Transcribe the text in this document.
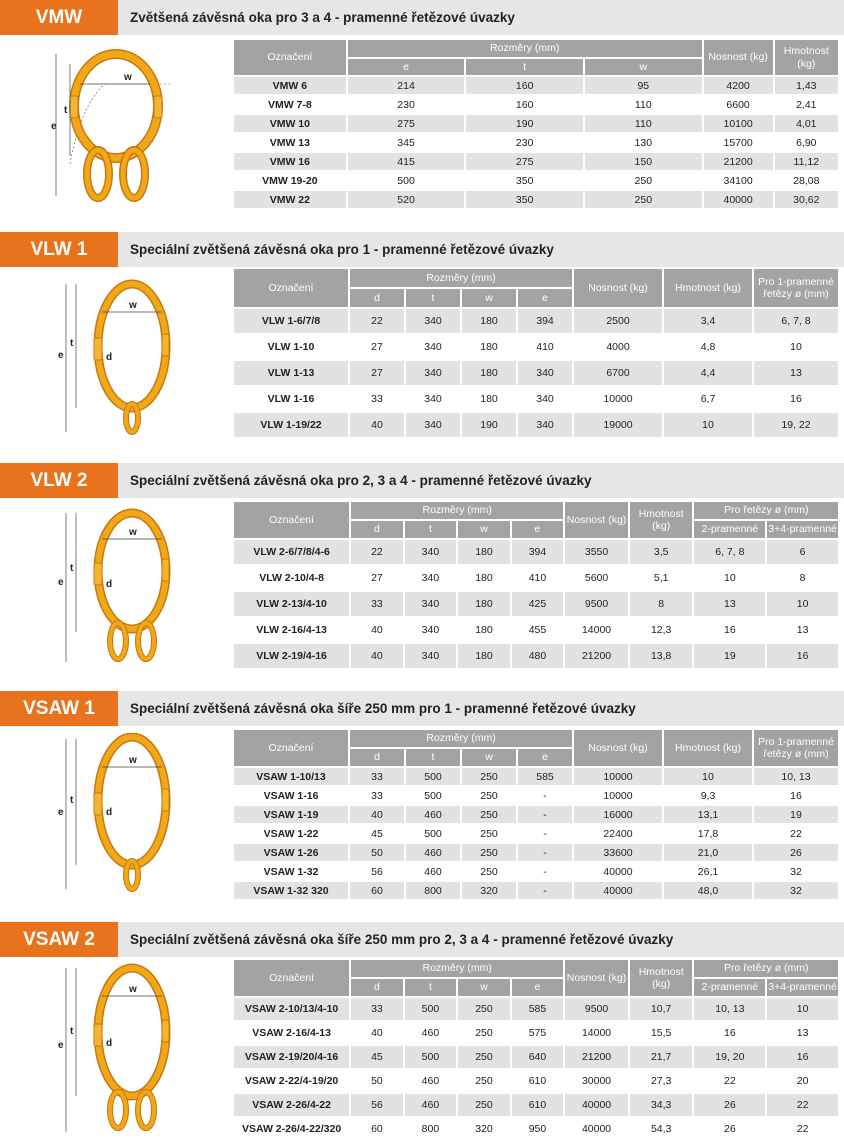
VMW	Zvětšená závěsná oka pro 3 a 4 - pramenné řetězové úvazky
e
t
w
Označení	Rozměry (mm)			Nosnost (kg)	Hmotnost (kg)
	e	t	w		
VMW 6	214	160	95	4200	1,43
VMW 7-8	230	160	110	6600	2,41
VMW 10	275	190	110	10100	4,01
VMW 13	345	230	130	15700	6,90
VMW 16	415	275	150	21200	11,12
VMW 19-20	500	350	250	34100	28,08
VMW 22	520	350	250	40000	30,62
VLW 1	Speciální zvětšená závěsná oka pro 1 - pramenné řetězové úvazky
e
t
w
d
Označení	Rozměry (mm)				Nosnost (kg)	Hmotnost (kg)	Pro 1-pramenné řetězy ø (mm)
	d	t	w	e			
VLW 1-6/7/8	22	340	180	394	2500	3,4	6, 7, 8
VLW 1-10	27	340	180	410	4000	4,8	10
VLW 1-13	27	340	180	340	6700	4,4	13
VLW 1-16	33	340	180	340	10000	6,7	16
VLW 1-19/22	40	340	190	340	19000	10	19, 22
VLW 2	Speciální zvětšená závěsná oka pro 2, 3 a 4 - pramenné řetězové úvazky
e
t
w
d
Označení	Rozměry (mm)				Nosnost (kg)	Hmotnost (kg)	Pro řetězy ø (mm)	
	d	t	w	e			2-pramenné	3+4-pramenné
VLW 2-6/7/8/4-6	22	340	180	394	3550	3,5	6, 7, 8	6
VLW 2-10/4-8	27	340	180	410	5600	5,1	10	8
VLW 2-13/4-10	33	340	180	425	9500	8	13	10
VLW 2-16/4-13	40	340	180	455	14000	12,3	16	13
VLW 2-19/4-16	40	340	180	480	21200	13,8	19	16
VSAW 1	Speciální zvětšená závěsná oka šíře 250 mm pro 1 - pramenné řetězové úvazky
e
t
w
d
Označení	Rozměry (mm)				Nosnost (kg)	Hmotnost (kg)	Pro 1-pramenné řetězy ø (mm)
	d	t	w	e			
VSAW 1-10/13	33	500	250	585	10000	10	10, 13
VSAW 1-16	33	500	250	-	10000	9,3	16
VSAW 1-19	40	460	250	-	16000	13,1	19
VSAW 1-22	45	500	250	-	22400	17,8	22
VSAW 1-26	50	460	250	-	33600	21,0	26
VSAW 1-32	56	460	250	-	40000	26,1	32
VSAW 1-32 320	60	800	320	-	40000	48,0	32
VSAW 2	Speciální zvětšená závěsná oka šíře 250 mm pro 2, 3 a 4 - pramenné řetězové úvazky
e
t
w
d
Označení	Rozměry (mm)				Nosnost (kg)	Hmotnost (kg)	Pro řetězy ø (mm)	
	d	t	w	e			2-pramenné	3+4-pramenné
VSAW 2-10/13/4-10	33	500	250	585	9500	10,7	10, 13	10
VSAW 2-16/4-13	40	460	250	575	14000	15,5	16	13
VSAW 2-19/20/4-16	45	500	250	640	21200	21,7	19, 20	16
VSAW 2-22/4-19/20	50	460	250	610	30000	27,3	22	20
VSAW 2-26/4-22	56	460	250	610	40000	34,3	26	22
VSAW 2-26/4-22/320	60	800	320	950	40000	54,3	26	22
